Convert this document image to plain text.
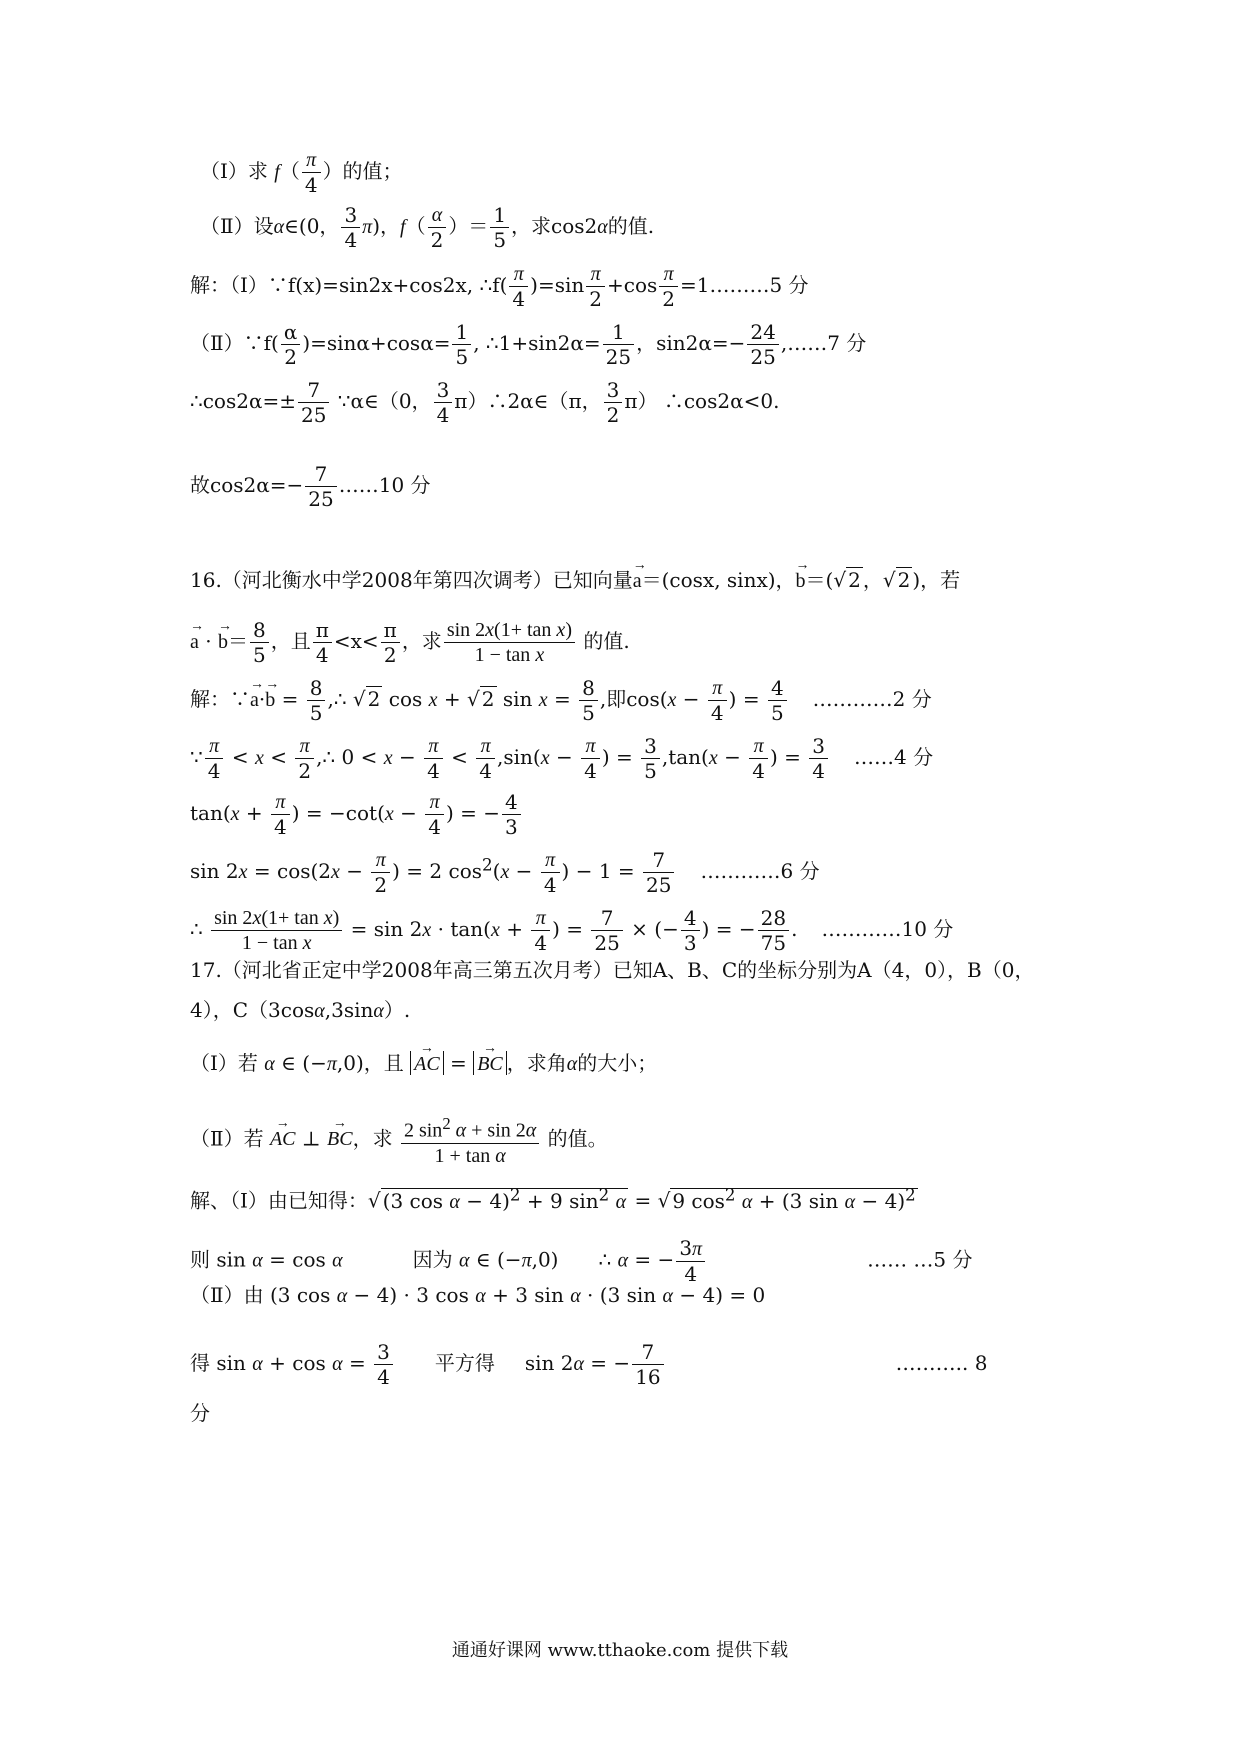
（Ⅰ）求 $f( \frac{\pi}{4}$ ）的值；
（Ⅱ）设α∈(0， $\frac{3}{4} \pi$)，$f( \frac{\alpha}{2}$ ）＝ $\frac{1}{5}$ ，求cos2α的值.
解：（Ⅰ）∵f(x)=sin2x+cos2x, ∴f( $\frac{\pi}{4} )=\sin \frac{\pi}{2} +\cos \frac{\pi}{2}$ =1………5 分
（Ⅱ）∵f( $\frac{\alpha}{2} )=\sin\alpha+\cos\alpha= \frac{1}{5}$ , ∴1+sin2α= $\frac{1}{25}$ ，$\sin 2\alpha=- \frac{24}{25}$ ,……7 分
∴cos2α=± $\frac{7}{25}$ ∵α∈（0， $\frac{3}{4}$ π）∴2α∈（π， $\frac{3}{2} \pi$） ∴cos2α<0.
故$\cos 2\alpha=- \frac{7}{25}$ ……10 分
16.（河北衡水中学2008年第四次调考）已知向量→ a＝(cosx, sinx)，→ b＝(√ 2 ，√ 2 )，若
→ a · → $b= \frac{8}{5}$ ，且 $\frac{\pi}{4} <x< \frac{\pi}{2}$ ，求 $\frac{\text{sin 2x(1+ tan x)}}{\text{1 − tan x}}$ 的值.
解：∵→ $a\cdot\to b = \frac{8}{5}$ ,∴ √ 2 cos x + √ 2 $\sin x = \frac{8}{5}$ ,即$\cos(x - \frac{\pi}{4}$ ) = $\frac{4}{5}$ …………2 分
∵ $\frac{\pi}{4} < x < \frac{\pi}{2}$ ,∴ $0 < x - \frac{\pi}{4} < \frac{\pi}{4} ,\sin(x - \frac{\pi}{4}$ ) = $\frac{3}{5} ,\tan(x - \frac{\pi}{4}$ ) = $\frac{3}{4}$ ……4 分
$\tan(x + \frac{\pi}{4}$ ) = $-\cot(x - \frac{\pi}{4}$ ) = − $\frac{4}{3}$
$\sin 2x = \cos(2x - \frac{\pi}{2}$ ) = 2 $\cos^2(x - \frac{\pi}{4}$ ) − $1 = \frac{7}{25}$ …………6 分
∴ $\frac{\text{sin 2x(1+ tan x)}}{\text{1 − tan x}} = \sin 2x \cdot \tan(x + \frac{\pi}{4}$ ) = $\frac{7}{25}$ × (− $\frac{4}{3}$ ) = − $\frac{28}{75}$ . …………10 分
17.（河北省正定中学2008年高三第五次月考）已知A、B、C的坐标分别为A（4，0），B（0，
4），C（3cosα,3sinα）.
（Ⅰ）若 α ∈ (−π,0)，且 → AC = → BC ，求角α的大小；
（Ⅱ）若 → AC ⊥ → BC，求 $\frac{2 \sin^2 \alpha + \sin 2\alpha}{\text{1 + tan α}}$ 的值。
解、（Ⅰ）由已知得：√ (3 cos α − 4)$^2$ + 9 $\sin^2 \alpha$ = √ 9 $\cos^2 \alpha + (3$ sin α − 4)$^2$
则 sin α = cos α	因为 α ∈ (−π,0) ∴ α = − $\frac{3\pi}{4}$	…… …5 分
（Ⅱ）由 (3 cos α − 4) · 3 cos α + 3 sin α · (3 sin α − 4) = 0
得 $\sin \alpha + \cos \alpha = \frac{3}{4}$ 平方得 sin 2α = − $\frac{7}{16}$	……….. 8
分
通通好课网 www.tthaoke.com 提供下载
